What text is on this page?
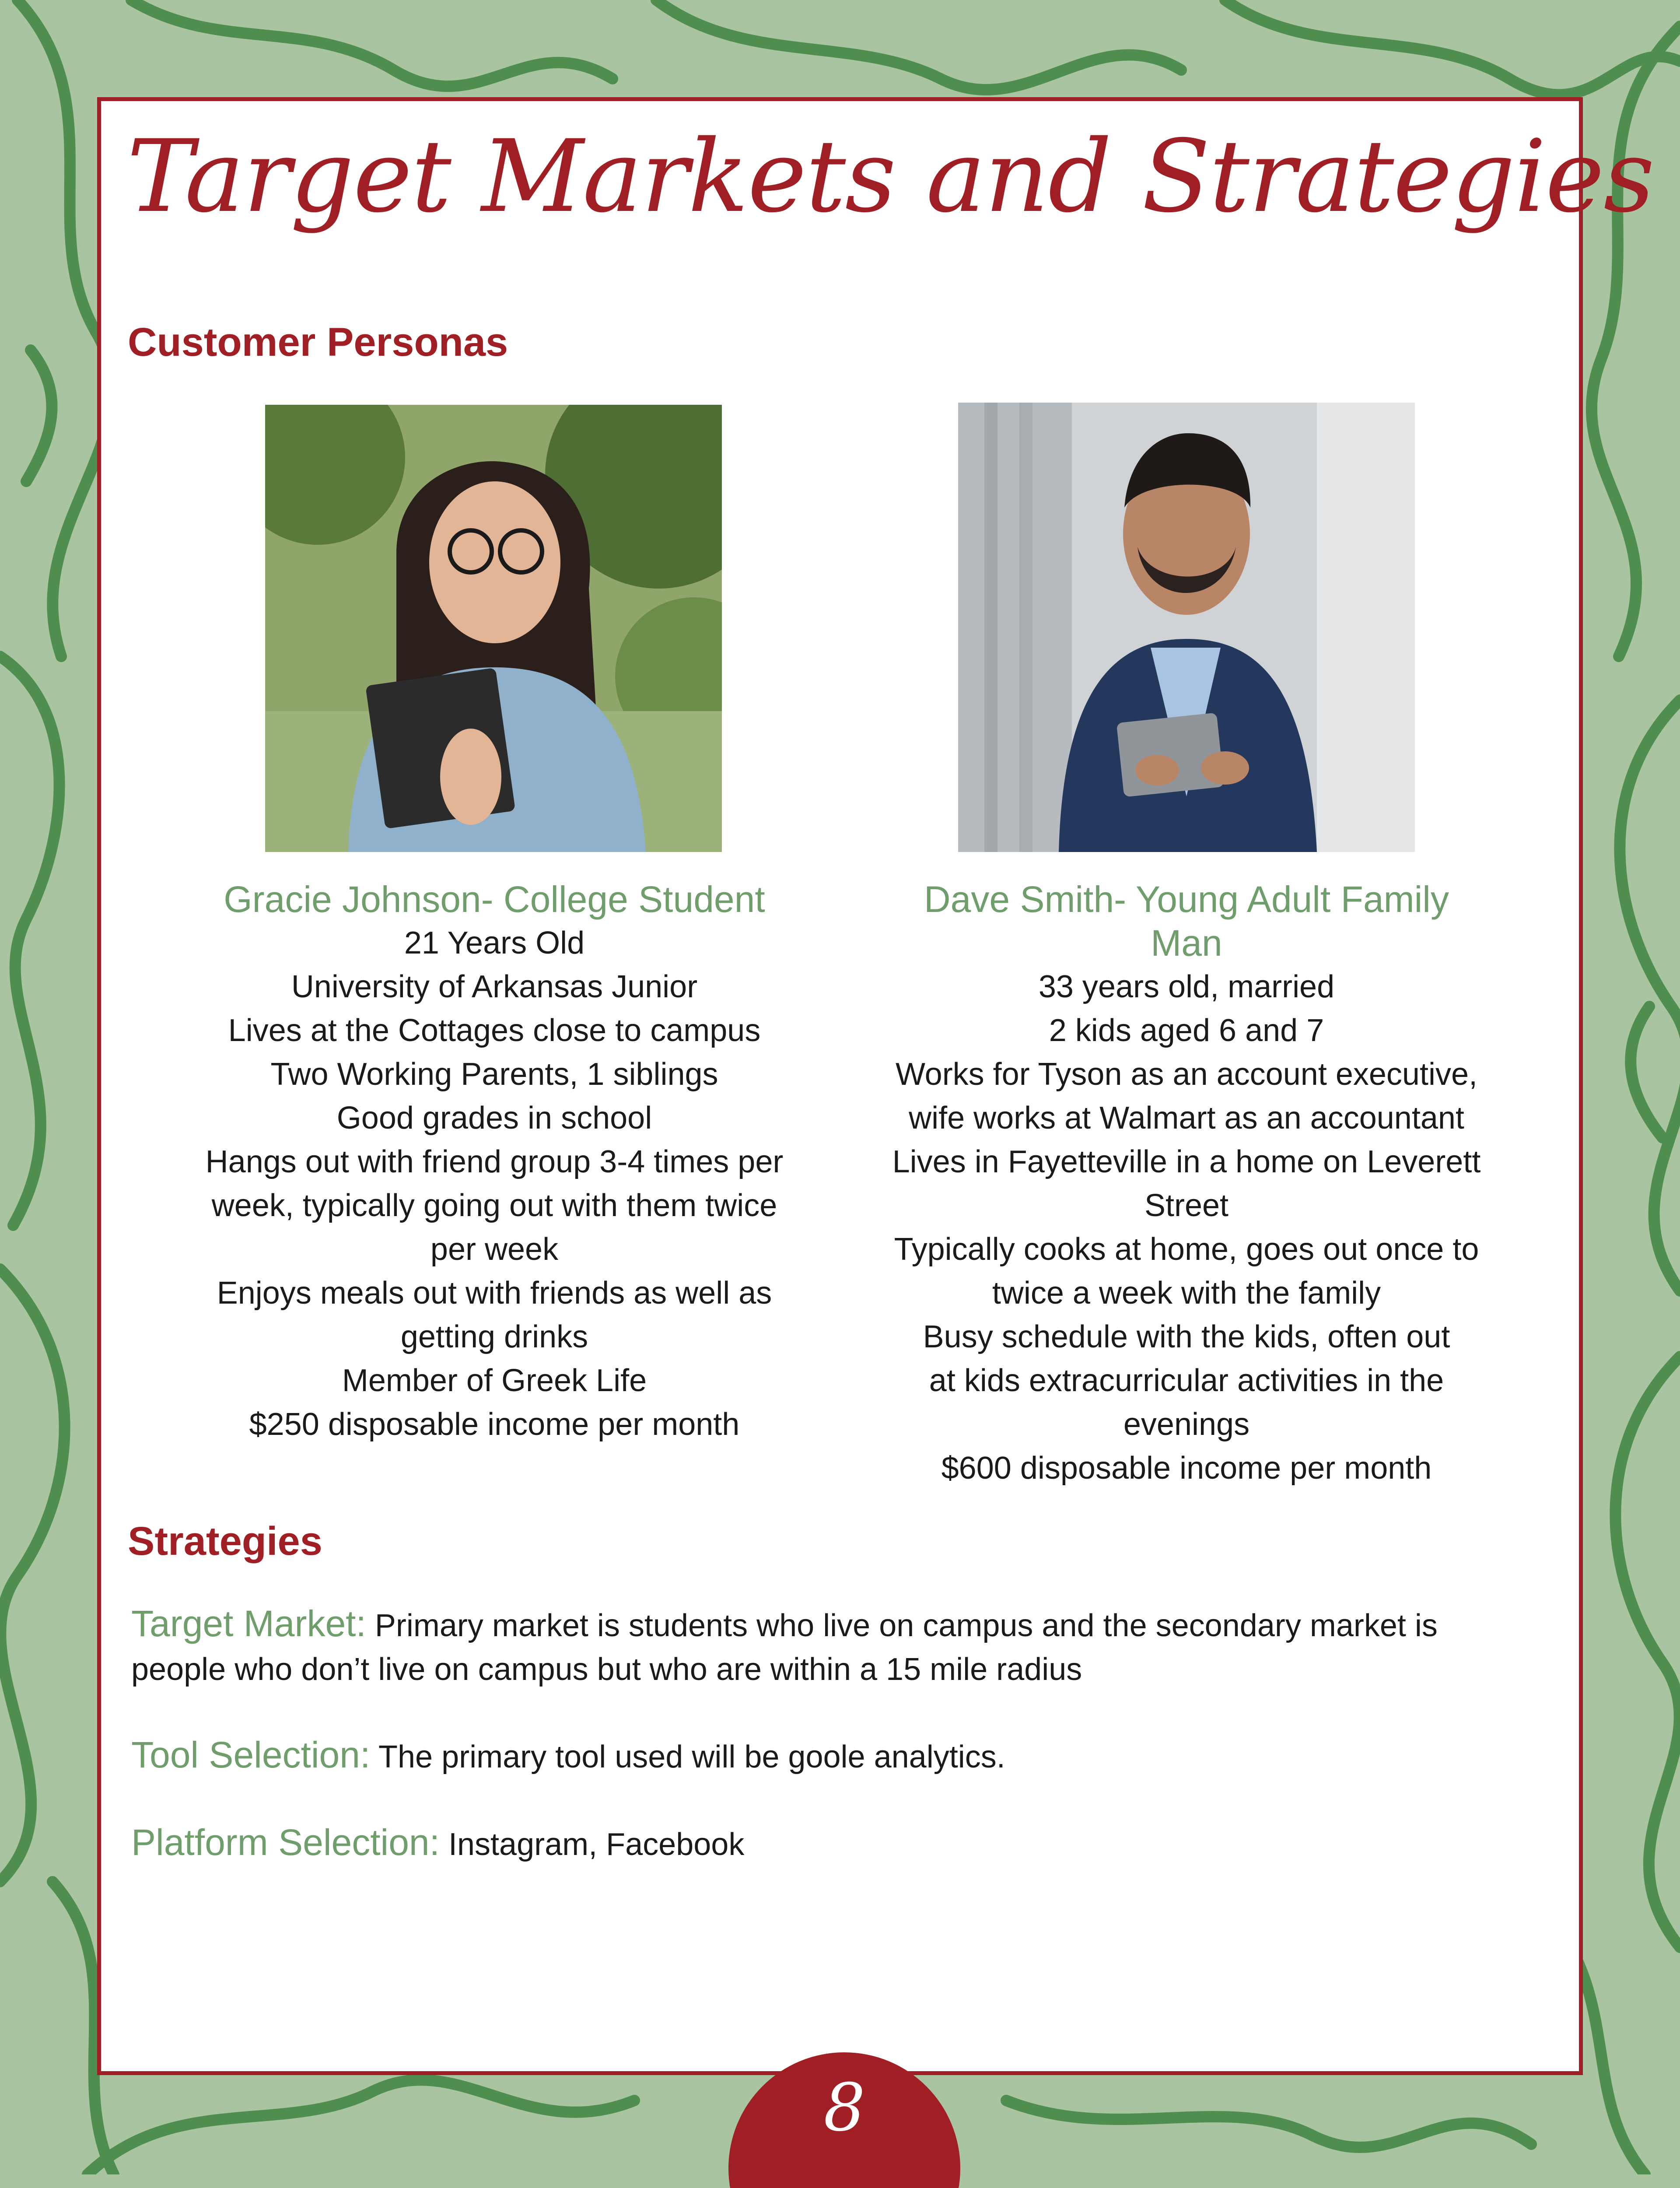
Target Markets and Strategies
Customer Personas
Gracie Johnson- College Student
21 Years Old
University of Arkansas Junior
Lives at the Cottages close to campus
Two Working Parents, 1 siblings
Good grades in school
Hangs out with friend group 3-4 times per
week, typically going out with them twice
per week
Enjoys meals out with friends as well as
getting drinks
Member of Greek Life
$250 disposable income per month
Dave Smith- Young Adult Family
Man
33 years old, married
2 kids aged 6 and 7
Works for Tyson as an account executive,
wife works at Walmart as an accountant
Lives in Fayetteville in a home on Leverett
Street
Typically cooks at home, goes out once to
twice a week with the family
Busy schedule with the kids, often out
at kids extracurricular activities in the
evenings
$600 disposable income per month
Strategies
Target Market: Primary market is students who live on campus and the secondary market is people who don’t live on campus but who are within a 15 mile radius
Tool Selection: The primary tool used will be goole analytics.
Platform Selection: Instagram, Facebook
8
